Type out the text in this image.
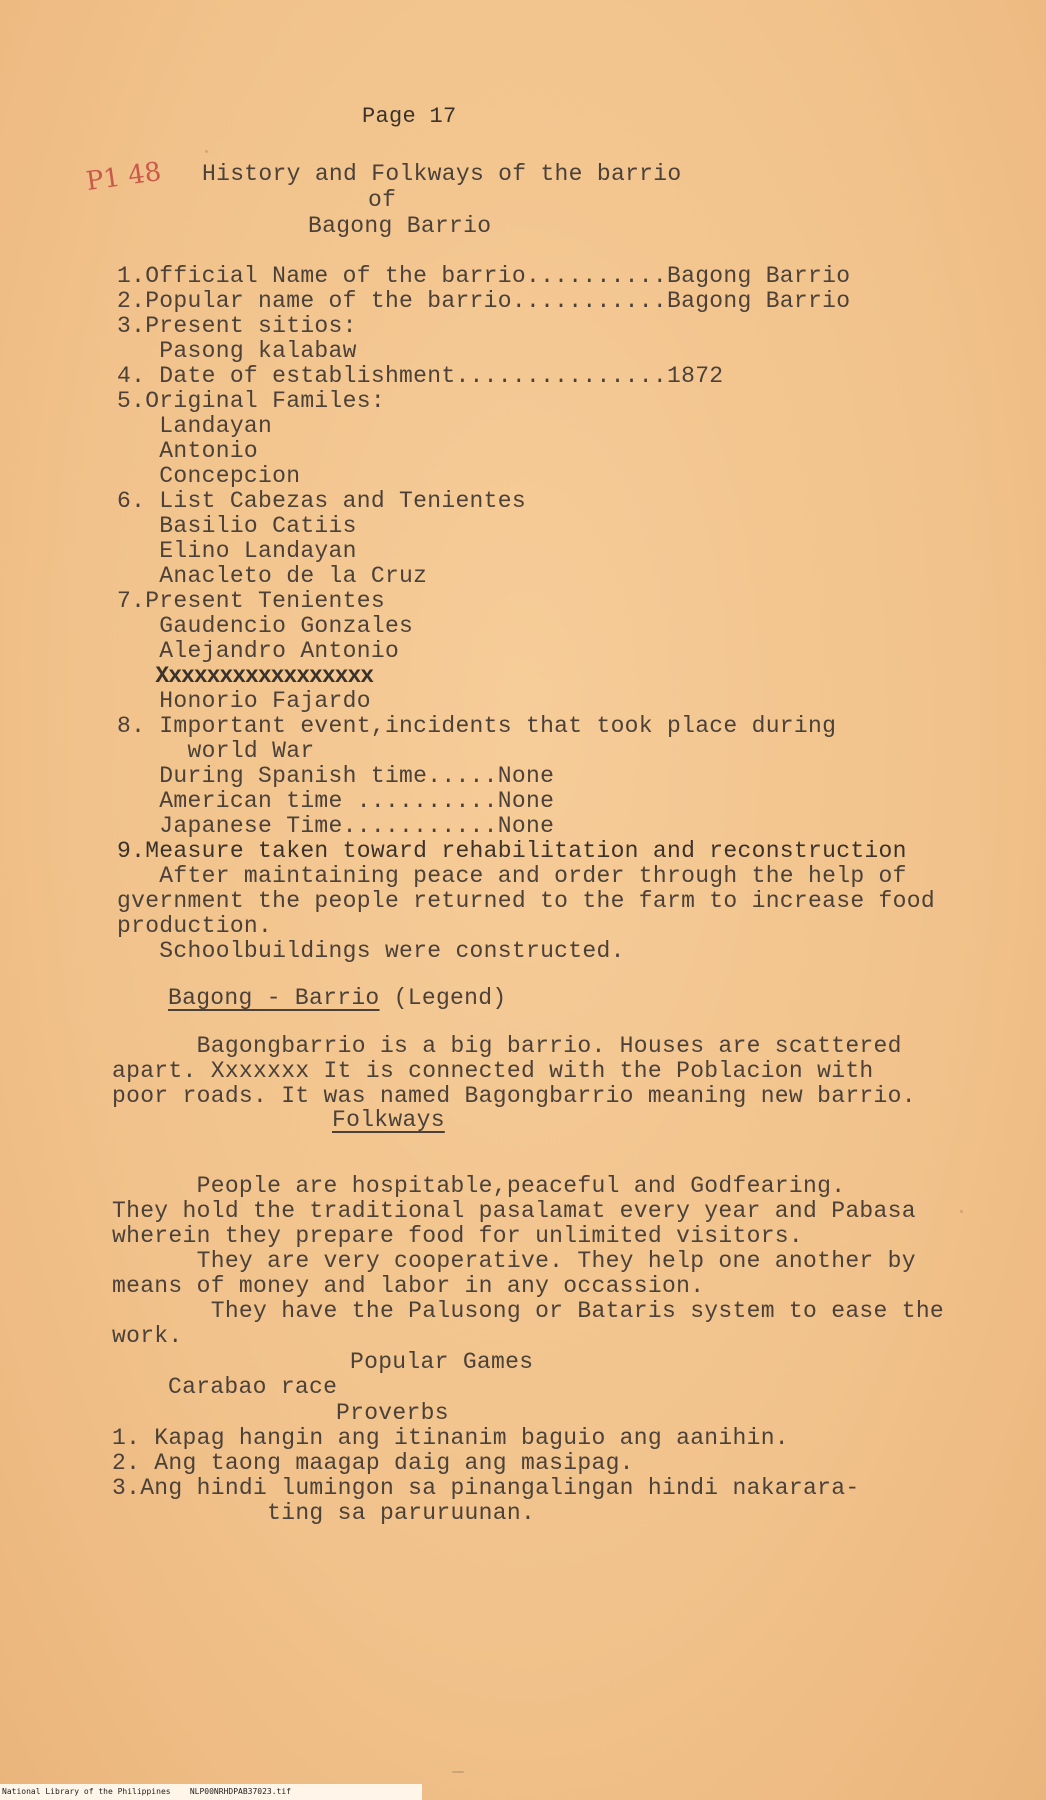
Page 17
P1 48 History and Folkways of the barrio
of
Bagong Barrio
1.Official Name of the barrio..........Bagong Barrio
2.Popular name of the barrio...........Bagong Barrio
3.Present sitios:
Pasong kalabaw
4. Date of establishment...............1872
5.Original Familes:
Landayan
Antonio
Concepcion
6. List Cabezas and Tenientes
Basilio Catiis
Elino Landayan
Anacleto de la Cruz
7.Present Tenientes
Gaudencio Gonzales
Alejandro Antonio
Xxxxxxxxxxxxxxxxx
Honorio Fajardo
8. Important event,incidents that took place during
world War
During Spanish time.....None
American time ..........None
Japanese Time...........None
9.Measure taken toward rehabilitation and reconstruction
After maintaining peace and order through the help of
gvernment the people returned to the farm to increase food
production.
Schoolbuildings were constructed.
Bagong - Barrio (Legend)
Bagongbarrio is a big barrio. Houses are scattered
apart. Xxxxxxx It is connected with the Poblacion with
poor roads. It was named Bagongbarrio meaning new barrio.
Folkways
People are hospitable,peaceful and Godfearing.
They hold the traditional pasalamat every year and Pabasa
wherein they prepare food for unlimited visitors.
They are very cooperative. They help one another by
means of money and labor in any occassion.
They have the Palusong or Bataris system to ease the
work.
Popular Games
Carabao race
Proverbs
1. Kapag hangin ang itinanim baguio ang aanihin.
2. Ang taong maagap daig ang masipag.
3.Ang hindi lumingon sa pinangalingan hindi nakarara-
ting sa paruruunan.
National Library of the Philippines    NLP00NRHDPAB37023.tif
